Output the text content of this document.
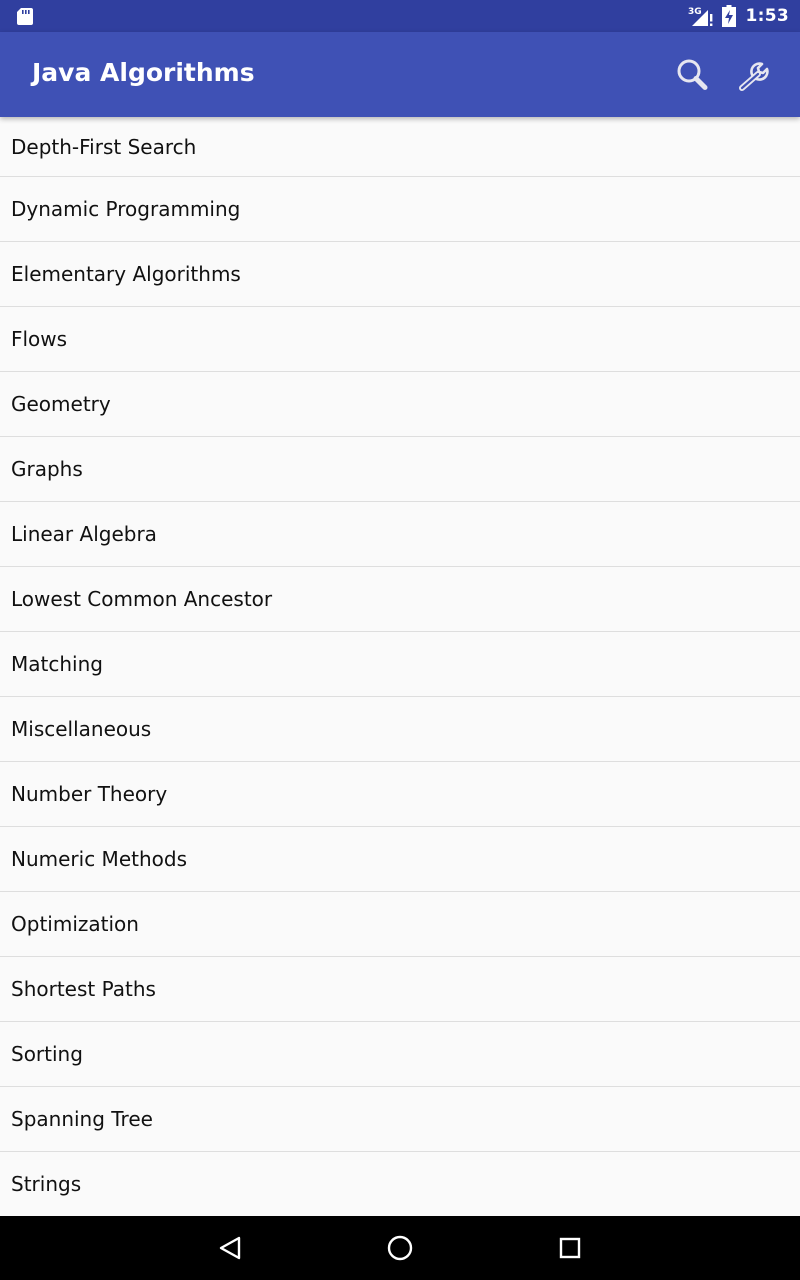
3G	1:53
Java Algorithms
Depth-First Search
Dynamic Programming
Elementary Algorithms
Flows
Geometry
Graphs
Linear Algebra
Lowest Common Ancestor
Matching
Miscellaneous
Number Theory
Numeric Methods
Optimization
Shortest Paths
Sorting
Spanning Tree
Strings
